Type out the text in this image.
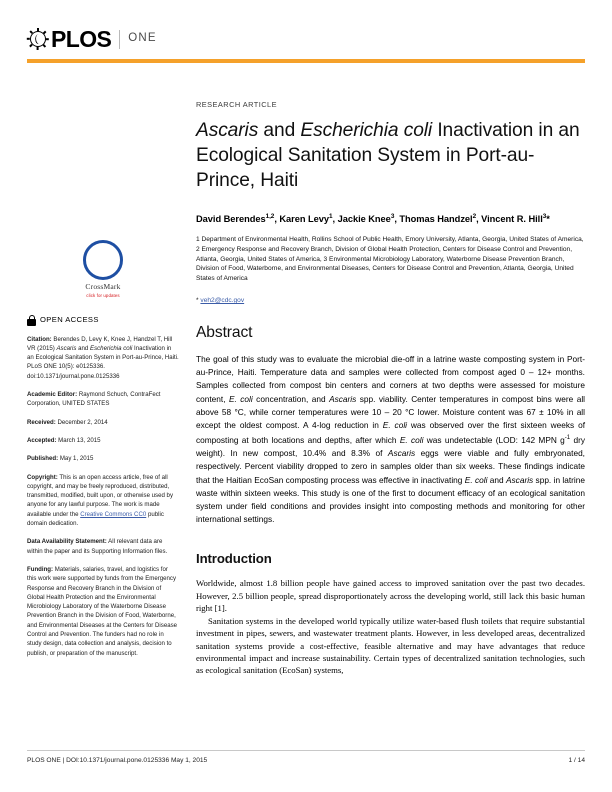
PLOS ONE
CrossMark
click for updates
OPEN ACCESS
Citation: Berendes D, Levy K, Knee J, Handzel T, Hill VR (2015) Ascaris and Escherichia coli Inactivation in an Ecological Sanitation System in Port-au-Prince, Haiti. PLoS ONE 10(5): e0125336. doi:10.1371/journal.pone.0125336
Academic Editor: Raymond Schuch, ContraFect Corporation, UNITED STATES
Received: December 2, 2014
Accepted: March 13, 2015
Published: May 1, 2015
Copyright: This is an open access article, free of all copyright, and may be freely reproduced, distributed, transmitted, modified, built upon, or otherwise used by anyone for any lawful purpose. The work is made available under the Creative Commons CC0 public domain dedication.
Data Availability Statement: All relevant data are within the paper and its Supporting Information files.
Funding: Materials, salaries, travel, and logistics for this work were supported by funds from the Emergency Response and Recovery Branch in the Division of Global Health Protection and the Environmental Microbiology Laboratory of the Waterborne Disease Prevention Branch in the Division of Food, Waterborne, and Environmental Diseases at the Centers for Disease Control and Prevention. The funders had no role in study design, data collection and analysis, decision to publish, or preparation of the manuscript.
RESEARCH ARTICLE
Ascaris and Escherichia coli Inactivation in an Ecological Sanitation System in Port-au-Prince, Haiti
David Berendes$^{1,2}$, Karen Levy$^1$, Jackie Knee$^3$, Thomas Handzel$^2$, Vincent R. Hill$^3$*
1 Department of Environmental Health, Rollins School of Public Health, Emory University, Atlanta, Georgia, United States of America, 2 Emergency Response and Recovery Branch, Division of Global Health Protection, Centers for Disease Control and Prevention, Atlanta, Georgia, United States of America, 3 Environmental Microbiology Laboratory, Waterborne Disease Prevention Branch, Division of Food, Waterborne, and Environmental Diseases, Centers for Disease Control and Prevention, Atlanta, Georgia, United States of America
* veh2@cdc.gov
Abstract
The goal of this study was to evaluate the microbial die-off in a latrine waste composting system in Port-au-Prince, Haiti. Temperature data and samples were collected from compost aged 0 – 12+ months. Samples collected from compost bin centers and corners at two depths were assessed for moisture content, E. coli concentration, and Ascaris spp. viability. Center temperatures in compost bins were all above 58 °C, while corner temperatures were 10 – 20 °C lower. Moisture content was 67 ± 10% in all except the oldest compost. A 4-log reduction in E. coli was observed over the first sixteen weeks of composting at both locations and depths, after which E. coli was undetectable (LOD: 142 MPN $g^{-1}$ dry weight). In new compost, 10.4% and 8.3% of Ascaris eggs were viable and fully embryonated, respectively. Percent viability dropped to zero in samples older than six weeks. These findings indicate that the Haitian EcoSan composting process was effective in inactivating E. coli and Ascaris spp. in latrine waste within sixteen weeks. This study is one of the first to document efficacy of an ecological sanitation system under field conditions and provides insight into composting methods and monitoring for other international settings.
Introduction

Worldwide, almost 1.8 billion people have gained access to improved sanitation over the past two decades. However, 2.5 billion people, spread disproportionately across the developing world, still lack this basic human right [1].

Sanitation systems in the developed world typically utilize water-based flush toilets that require substantial investment in pipes, sewers, and wastewater treatment plants. However, in less developed areas, decentralized sanitation systems provide a cost-effective, feasible alternative and may have advantages that reduce environmental impact and increase sustainability. Certain types of decentralized sanitation technologies, such as ecological sanitation (EcoSan) systems,

PLOS ONE | DOI:10.1371/journal.pone.0125336 May 1, 2015	1 / 14
